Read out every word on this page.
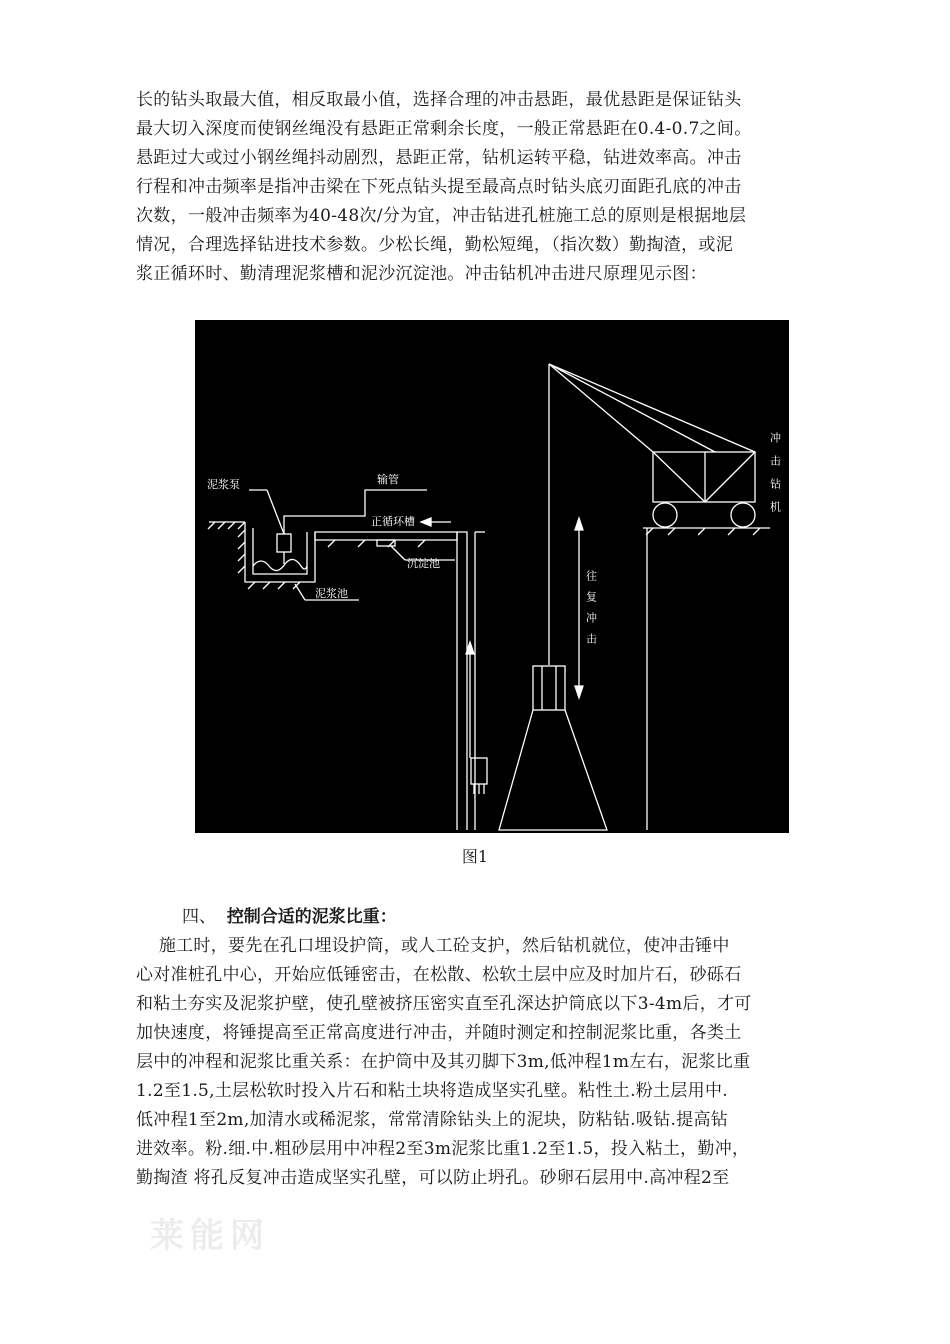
长的钻头取最大值，相反取最小值，选择合理的冲击悬距，最优悬距是保证钻头
最大切入深度而使钢丝绳没有悬距正常剩余长度，一般正常悬距在0.4-0.7之间。
悬距过大或过小钢丝绳抖动剧烈，悬距正常，钻机运转平稳，钻进效率高。冲击
行程和冲击频率是指冲击梁在下死点钻头提至最高点时钻头底刃面距孔底的冲击
次数，一般冲击频率为40-48次/分为宜，冲击钻进孔桩施工总的原则是根据地层
情况，合理选择钻进技术参数。少松长绳，勤松短绳，（指次数）勤掏渣，或泥
浆正循环时、勤清理泥浆槽和泥沙沉淀池。冲击钻机冲击进尺原理见示图：
泥浆泵	输管
正循环槽
沉淀池
泥浆池	往复冲击
冲击钻机
图1
四、 控制合适的泥浆比重：
施工时，要先在孔口埋设护筒，或人工砼支护，然后钻机就位，使冲击锤中
心对准桩孔中心，开始应低锤密击，在松散、松软土层中应及时加片石，砂砾石
和粘土夯实及泥浆护壁，使孔壁被挤压密实直至孔深达护筒底以下3-4m后，才可
加快速度，将锤提高至正常高度进行冲击，并随时测定和控制泥浆比重，各类土
层中的冲程和泥浆比重关系：在护筒中及其刃脚下3m,低冲程1m左右，泥浆比重
1.2至1.5,土层松软时投入片石和粘土块将造成坚实孔壁。粘性土.粉土层用中.
低冲程1至2m,加清水或稀泥浆，常常清除钻头上的泥块，防粘钻.吸钻.提高钻
进效率。粉.细.中.粗砂层用中冲程2至3m泥浆比重1.2至1.5，投入粘土，勤冲，
勤掏渣 将孔反复冲击造成坚实孔壁，可以防止坍孔。砂卵石层用中.高冲程2至
莱能网
